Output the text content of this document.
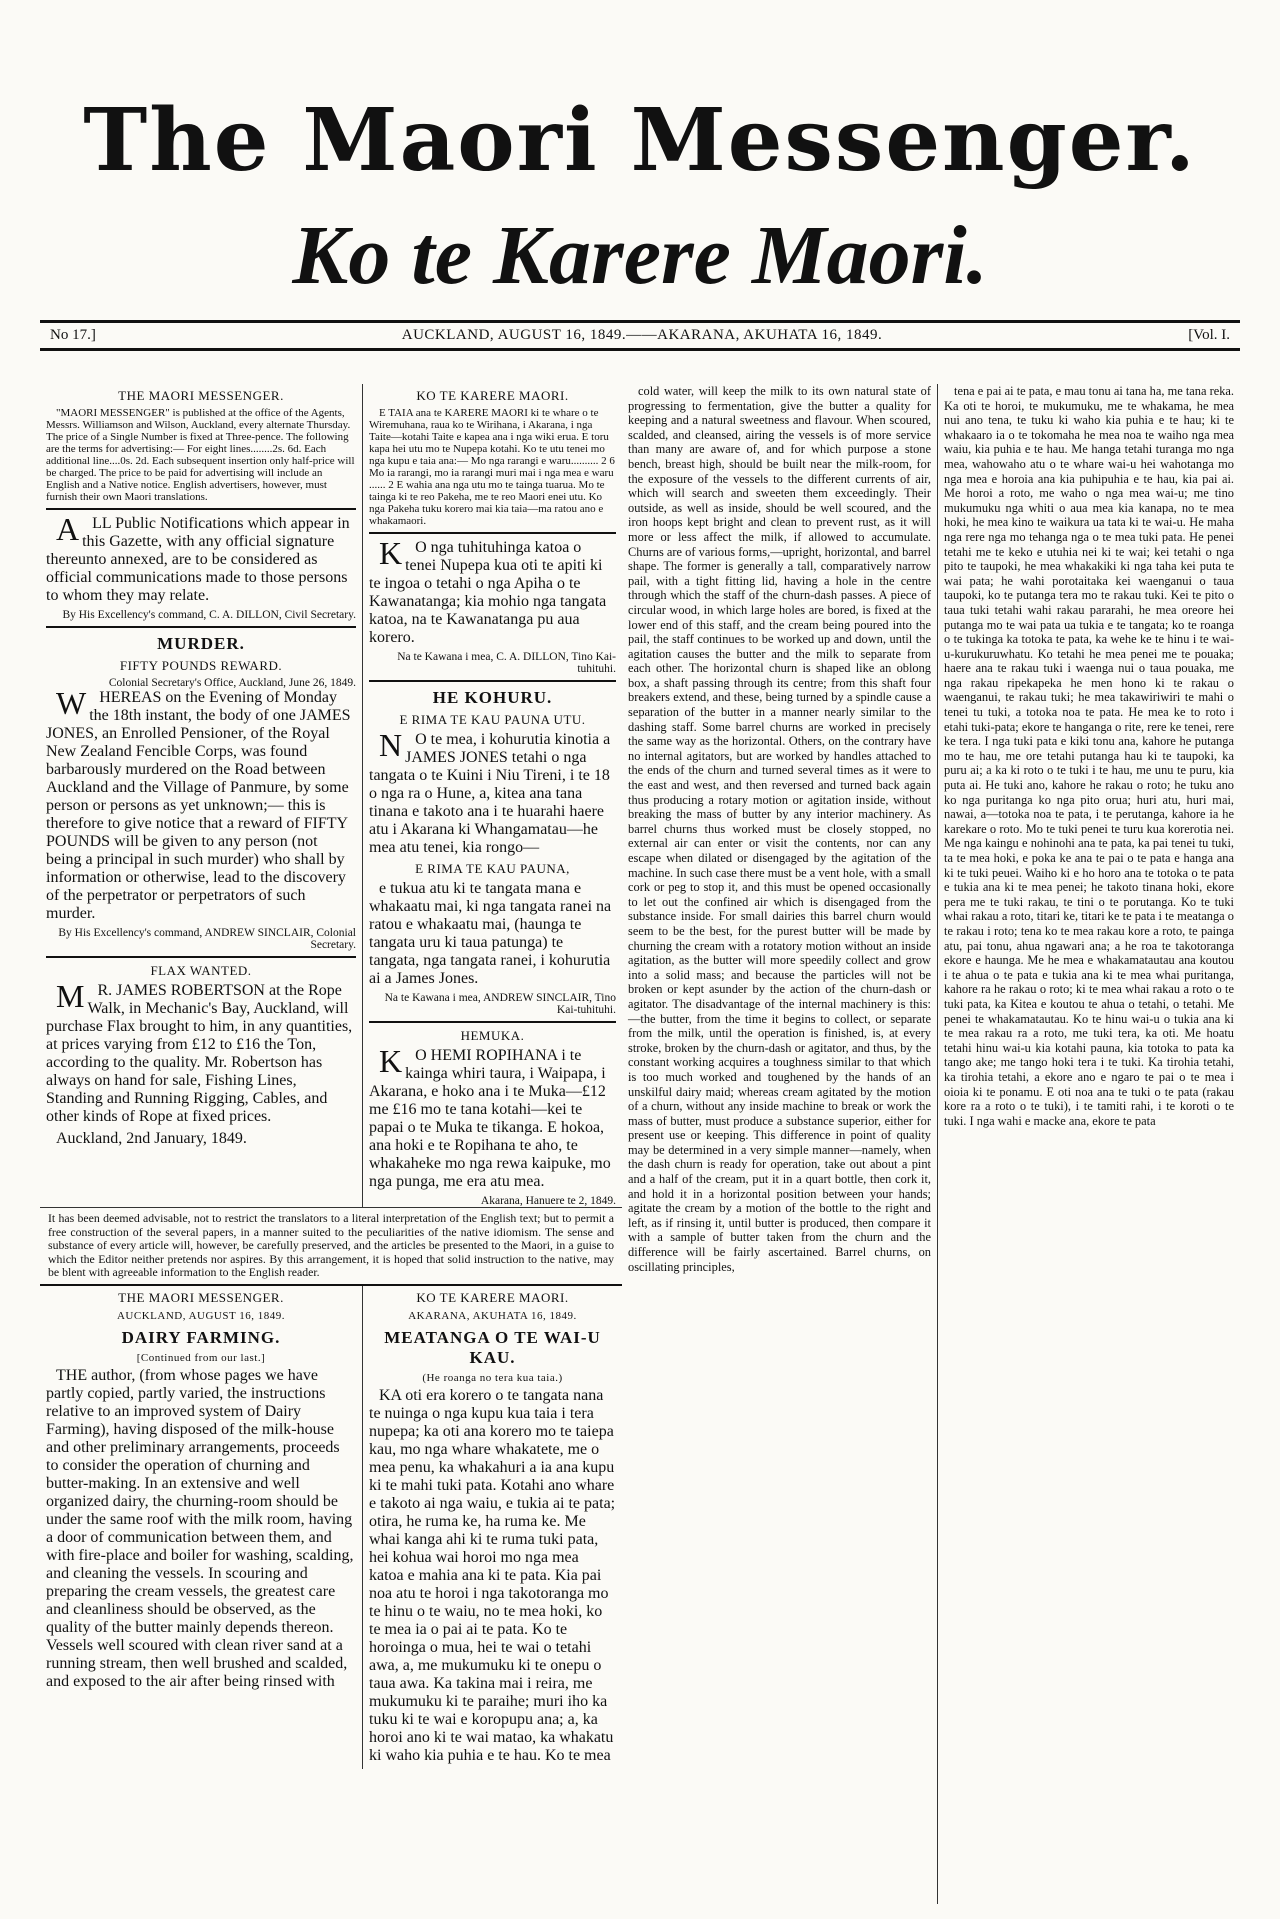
The Maori Messenger.
Ko te Karere Maori.
No 17.]	AUCKLAND, AUGUST 16, 1849.——AKARANA, AKUHATA 16, 1849.	[Vol. I.
THE MAORI MESSENGER.

"MAORI MESSENGER" is published at the office of the Agents, Messrs. Williamson and Wilson, Auckland, every alternate Thursday. The price of a Single Number is fixed at Three-pence. The following are the terms for advertising:— For eight lines........2s. 6d. Each additional line....0s. 2d. Each subsequent insertion only half-price will be charged. The price to be paid for advertising will include an English and a Native notice. English advertisers, however, must furnish their own Maori translations.

ALL Public Notifications which appear in this Gazette, with any official signature thereunto annexed, are to be considered as official communications made to those persons to whom they may relate.

By His Excellency's command, C. A. DILLON, Civil Secretary.
MURDER.
FIFTY POUNDS REWARD.
Colonial Secretary's Office, Auckland, June 26, 1849.

WHEREAS on the Evening of Monday the 18th instant, the body of one JAMES JONES, an Enrolled Pensioner, of the Royal New Zealand Fencible Corps, was found barbarously murdered on the Road between Auckland and the Village of Panmure, by some person or persons as yet unknown;— this is therefore to give notice that a reward of FIFTY POUNDS will be given to any person (not being a principal in such murder) who shall by information or otherwise, lead to the discovery of the perpetrator or perpetrators of such murder.

By His Excellency's command, ANDREW SINCLAIR, Colonial Secretary.
FLAX WANTED.

MR. JAMES ROBERTSON at the Rope Walk, in Mechanic's Bay, Auckland, will purchase Flax brought to him, in any quantities, at prices varying from £12 to £16 the Ton, according to the quality. Mr. Robertson has always on hand for sale, Fishing Lines, Standing and Running Rigging, Cables, and other kinds of Rope at fixed prices.

Auckland, 2nd January, 1849.

KO TE KARERE MAORI.

E TAIA ana te KARERE MAORI ki te whare o te Wiremuhana, raua ko te Wirihana, i Akarana, i nga Taite—kotahi Taite e kapea ana i nga wiki erua. E toru kapa hei utu mo te Nupepa kotahi. Ko te utu tenei mo nga kupu e taia ana:— Mo nga rarangi e waru.......... 2 6 Mo ia rarangi, mo ia rarangi muri mai i nga mea e waru ...... 2 E wahia ana nga utu mo te tainga tuarua. Mo te tainga ki te reo Pakeha, me te reo Maori enei utu. Ko nga Pakeha tuku korero mai kia taia—ma ratou ano e whakamaori.

KO nga tuhituhinga katoa o tenei Nupepa kua oti te apiti ki te ingoa o tetahi o nga Apiha o te Kawanatanga; kia mohio nga tangata katoa, na te Kawanatanga pu aua korero.

Na te Kawana i mea, C. A. DILLON, Tino Kai-tuhituhi.
HE KOHURU.
E RIMA TE KAU PAUNA UTU.

NO te mea, i kohurutia kinotia a JAMES JONES tetahi o nga tangata o te Kuini i Niu Tireni, i te 18 o nga ra o Hune, a, kitea ana tana tinana e takoto ana i te huarahi haere atu i Akarana ki Whangamatau—he mea atu tenei, kia rongo—

E RIMA TE KAU PAUNA,

e tukua atu ki te tangata mana e whakaatu mai, ki nga tangata ranei na ratou e whakaatu mai, (haunga te tangata uru ki taua patunga) te tangata, nga tangata ranei, i kohurutia ai a James Jones.

Na te Kawana i mea, ANDREW SINCLAIR, Tino Kai-tuhituhi.
HEMUKA.

KO HEMI ROPIHANA i te kainga whiri taura, i Waipapa, i Akarana, e hoko ana i te Muka—£12 me £16 mo te tana kotahi—kei te papai o te Muka te tikanga. E hokoa, ana hoki e te Ropihana te aho, te whakaheke mo nga rewa kaipuke, mo nga punga, me era atu mea.

Akarana, Hanuere te 2, 1849.
It has been deemed advisable, not to restrict the translators to a literal interpretation of the English text; but to permit a free construction of the several papers, in a manner suited to the peculiarities of the native idiomism. The sense and substance of every article will, however, be carefully preserved, and the articles be presented to the Maori, in a guise to which the Editor neither pretends nor aspires. By this arrangement, it is hoped that solid instruction to the native, may be blent with agreeable information to the English reader.
THE MAORI MESSENGER.
AUCKLAND, AUGUST 16, 1849.
DAIRY FARMING.
[Continued from our last.]

THE author, (from whose pages we have partly copied, partly varied, the instructions relative to an improved system of Dairy Farming), having disposed of the milk-house and other preliminary arrangements, proceeds to consider the operation of churning and butter-making. In an extensive and well organized dairy, the churning-room should be under the same roof with the milk room, having a door of communication between them, and with fire-place and boiler for washing, scalding, and cleaning the vessels. In scouring and preparing the cream vessels, the greatest care and cleanliness should be observed, as the quality of the butter mainly depends thereon. Vessels well scoured with clean river sand at a running stream, then well brushed and scalded, and exposed to the air after being rinsed with

KO TE KARERE MAORI.
AKARANA, AKUHATA 16, 1849.
MEATANGA O TE WAI-U KAU.
(He roanga no tera kua taia.)

KA oti era korero o te tangata nana te nuinga o nga kupu kua taia i tera nupepa; ka oti ana korero mo te taiepa kau, mo nga whare whakatete, me o mea penu, ka whakahuri a ia ana kupu ki te mahi tuki pata. Kotahi ano whare e takoto ai nga waiu, e tukia ai te pata; otira, he ruma ke, ha ruma ke. Me whai kanga ahi ki te ruma tuki pata, hei kohua wai horoi mo nga mea katoa e mahia ana ki te pata. Kia pai noa atu te horoi i nga takotoranga mo te hinu o te waiu, no te mea hoki, ko te mea ia o pai ai te pata. Ko te horoinga o mua, hei te wai o tetahi awa, a, me mukumuku ki te onepu o taua awa. Ka takina mai i reira, me mukumuku ki te paraihe; muri iho ka tuku ki te wai e koropupu ana; a, ka horoi ano ki te wai matao, ka whakatu ki waho kia puhia e te hau. Ko te mea

cold water, will keep the milk to its own natural state of progressing to fermentation, give the butter a quality for keeping and a natural sweetness and flavour. When scoured, scalded, and cleansed, airing the vessels is of more service than many are aware of, and for which purpose a stone bench, breast high, should be built near the milk-room, for the exposure of the vessels to the different currents of air, which will search and sweeten them exceedingly. Their outside, as well as inside, should be well scoured, and the iron hoops kept bright and clean to prevent rust, as it will more or less affect the milk, if allowed to accumulate. Churns are of various forms,—upright, horizontal, and barrel shape. The former is generally a tall, comparatively narrow pail, with a tight fitting lid, having a hole in the centre through which the staff of the churn-dash passes. A piece of circular wood, in which large holes are bored, is fixed at the lower end of this staff, and the cream being poured into the pail, the staff continues to be worked up and down, until the agitation causes the butter and the milk to separate from each other. The horizontal churn is shaped like an oblong box, a shaft passing through its centre; from this shaft four breakers extend, and these, being turned by a spindle cause a separation of the butter in a manner nearly similar to the dashing staff. Some barrel churns are worked in precisely the same way as the horizontal. Others, on the contrary have no internal agitators, but are worked by handles attached to the ends of the churn and turned several times as it were to the east and west, and then reversed and turned back again thus producing a rotary motion or agitation inside, without breaking the mass of butter by any interior machinery. As barrel churns thus worked must be closely stopped, no external air can enter or visit the contents, nor can any escape when dilated or disengaged by the agitation of the machine. In such case there must be a vent hole, with a small cork or peg to stop it, and this must be opened occasionally to let out the confined air which is disengaged from the substance inside. For small dairies this barrel churn would seem to be the best, for the purest butter will be made by churning the cream with a rotatory motion without an inside agitation, as the butter will more speedily collect and grow into a solid mass; and because the particles will not be broken or kept asunder by the action of the churn-dash or agitator. The disadvantage of the internal machinery is this:—the butter, from the time it begins to collect, or separate from the milk, until the operation is finished, is, at every stroke, broken by the churn-dash or agitator, and thus, by the constant working acquires a toughness similar to that which is too much worked and toughened by the hands of an unskilful dairy maid; whereas cream agitated by the motion of a churn, without any inside machine to break or work the mass of butter, must produce a substance superior, either for present use or keeping. This difference in point of quality may be determined in a very simple manner—namely, when the dash churn is ready for operation, take out about a pint and a half of the cream, put it in a quart bottle, then cork it, and hold it in a horizontal position between your hands; agitate the cream by a motion of the bottle to the right and left, as if rinsing it, until butter is produced, then compare it with a sample of butter taken from the churn and the difference will be fairly ascertained. Barrel churns, on oscillating principles,

tena e pai ai te pata, e mau tonu ai tana ha, me tana reka. Ka oti te horoi, te mukumuku, me te whakama, he mea nui ano tena, te tuku ki waho kia puhia e te hau; ki te whakaaro ia o te tokomaha he mea noa te waiho nga mea waiu, kia puhia e te hau. Me hanga tetahi turanga mo nga mea, wahowaho atu o te whare wai-u hei wahotanga mo nga mea e horoia ana kia puhipuhia e te hau, kia pai ai. Me horoi a roto, me waho o nga mea wai-u; me tino mukumuku nga whiti o aua mea kia kanapa, no te mea hoki, he mea kino te waikura ua tata ki te wai-u. He maha nga rere nga mo tehanga nga o te mea tuki pata. He penei tetahi me te keko e utuhia nei ki te wai; kei tetahi o nga pito te taupoki, he mea whakakiki ki nga taha kei puta te wai pata; he wahi porotaitaka kei waenganui o taua taupoki, ko te putanga tera mo te rakau tuki. Kei te pito o taua tuki tetahi wahi rakau pararahi, he mea oreore hei putanga mo te wai pata ua tukia e te tangata; ko te roanga o te tukinga ka totoka te pata, ka wehe ke te hinu i te wai-u-kurukuruwhatu. Ko tetahi he mea penei me te pouaka; haere ana te rakau tuki i waenga nui o taua pouaka, me nga rakau ripekapeka he men hono ki te rakau o waenganui, te rakau tuki; he mea takawiriwiri te mahi o tenei tu tuki, a totoka noa te pata. He mea ke to roto i etahi tuki-pata; ekore te hanganga o rite, rere ke tenei, rere ke tera. I nga tuki pata e kiki tonu ana, kahore he putanga mo te hau, me ore tetahi putanga hau ki te taupoki, ka puru ai; a ka ki roto o te tuki i te hau, me unu te puru, kia puta ai. He tuki ano, kahore he rakau o roto; he tuku ano ko nga puritanga ko nga pito orua; huri atu, huri mai, nawai, a—totoka noa te pata, i te perutanga, kahore ia he karekare o roto. Mo te tuki penei te turu kua korerotia nei. Me nga kaingu e nohinohi ana te pata, ka pai tenei tu tuki, ta te mea hoki, e poka ke ana te pai o te pata e hanga ana ki te tuki peuei. Waiho ki e ho horo ana te totoka o te pata e tukia ana ki te mea penei; he takoto tinana hoki, ekore pera me te tuki rakau, te tini o te porutanga. Ko te tuki whai rakau a roto, titari ke, titari ke te pata i te meatanga o te rakau i roto; tena ko te mea rakau kore a roto, te painga atu, pai tonu, ahua ngawari ana; a he roa te takotoranga ekore e haunga. Me he mea e whakamatautau ana koutou i te ahua o te pata e tukia ana ki te mea whai puritanga, kahore ra he rakau o roto; ki te mea whai rakau a roto o te tuki pata, ka Kitea e koutou te ahua o tetahi, o tetahi. Me penei te whakamatautau. Ko te hinu wai-u o tukia ana ki te mea rakau ra a roto, me tuki tera, ka oti. Me hoatu tetahi hinu wai-u kia kotahi pauna, kia totoka to pata ka tango ake; me tango hoki tera i te tuki. Ka tirohia tetahi, ka tirohia tetahi, a ekore ano e ngaro te pai o te mea i oioia ki te ponamu. E oti noa ana te tuki o te pata (rakau kore ra a roto o te tuki), i te tamiti rahi, i te koroti o te tuki. I nga wahi e macke ana, ekore te pata
